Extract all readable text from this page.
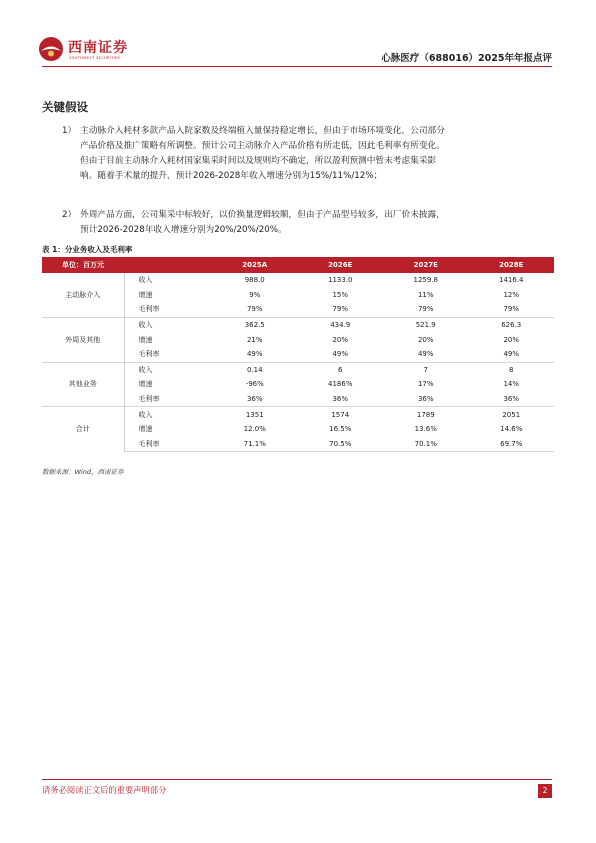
西南证券
SOUTHWEST SECURITIES	心脉医疗（688016）2025年年报点评
关键假设
1） 主动脉介入耗材多款产品入院家数及终端植入量保持稳定增长，但由于市场环境变化，公司部分产品价格及推广策略有所调整。预计公司主动脉介入产品价格有所走低，因此毛利率有所变化。但由于目前主动脉介入耗材国家集采时间以及规则均不确定，所以盈利预测中暂未考虑集采影响。随着手术量的提升，预计2026-2028年收入增速分别为15%/11%/12%；
2） 外周产品方面，公司集采中标较好，以价换量逻辑较顺，但由于产品型号较多，出厂价未披露，预计2026-2028年收入增速分别为20%/20%/20%。
表 1：分业务收入及毛利率
单位：百万元		2025A	2026E	2027E	2028E
主动脉介入	收入	988.0	1133.0	1259.8	1416.4
	增速	9%	15%	11%	12%
	毛利率	79%	79%	79%	79%
外周及其他	收入	362.5	434.9	521.9	626.3
	增速	21%	20%	20%	20%
	毛利率	49%	49%	49%	49%
其他业务	收入	0.14	6	7	8
	增速	-96%	4186%	17%	14%
	毛利率	36%	36%	36%	36%
合计	收入	1351	1574	1789	2051
	增速	12.0%	16.5%	13.6%	14.6%
	毛利率	71.1%	70.5%	70.1%	69.7%
数据来源：Wind，西南证券
请务必阅读正文后的重要声明部分	2
